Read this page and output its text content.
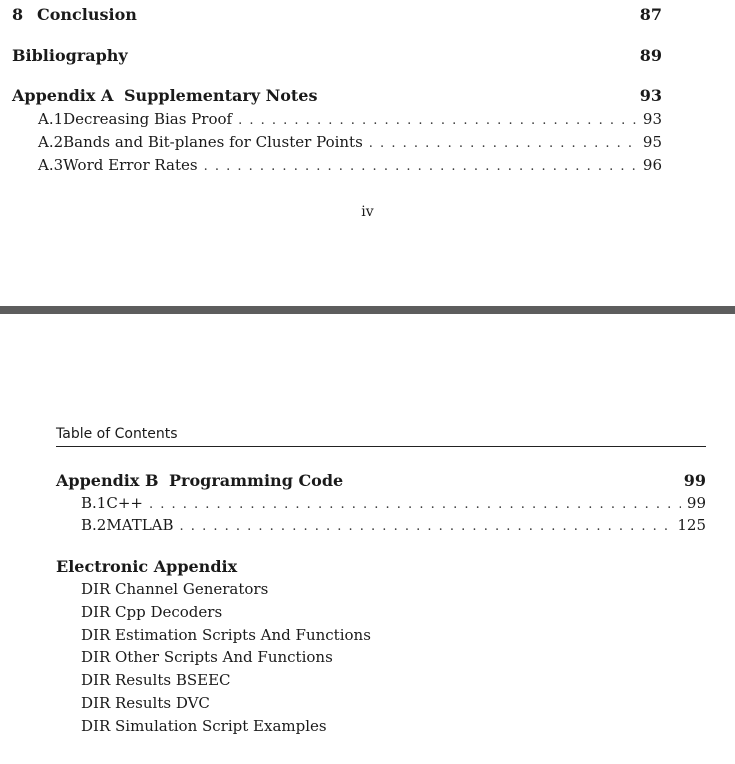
8 Conclusion	87
Bibliography	89
Appendix A Supplementary Notes	93
A.1 Decreasing Bias Proof . . .	93
A.2 Bands and Bit-planes for Cluster Points . . .	95
A.3 Word Error Rates . . .	96
iv
Table of Contents
Appendix B Programming Code	99
B.1 C++ . . .	99
B.2 MATLAB . . .	125
Electronic Appendix
DIR Channel Generators
DIR Cpp Decoders
DIR Estimation Scripts And Functions
DIR Other Scripts And Functions
DIR Results BSEEC
DIR Results DVC
DIR Simulation Script Examples
